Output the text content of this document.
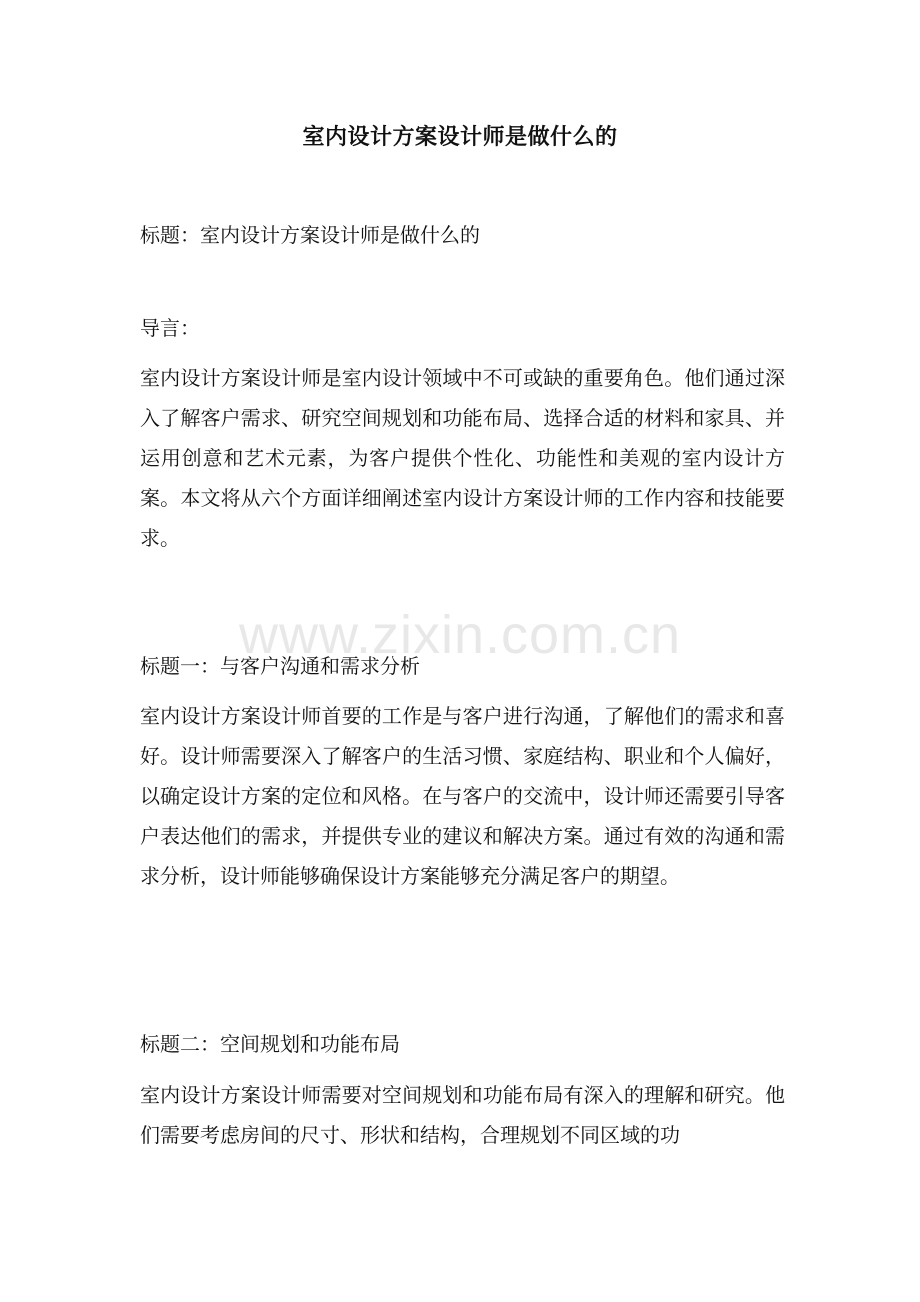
室内设计方案设计师是做什么的

标题：室内设计方案设计师是做什么的

导言：

室内设计方案设计师是室内设计领域中不可或缺的重要角色。他们通过深入了解客户需求、研究空间规划和功能布局、选择合适的材料和家具、并运用创意和艺术元素，为客户提供个性化、功能性和美观的室内设计方案。本文将从六个方面详细阐述室内设计方案设计师的工作内容和技能要求。

www.zixin.com.cn

标题一：与客户沟通和需求分析

室内设计方案设计师首要的工作是与客户进行沟通，了解他们的需求和喜好。设计师需要深入了解客户的生活习惯、家庭结构、职业和个人偏好，以确定设计方案的定位和风格。在与客户的交流中，设计师还需要引导客户表达他们的需求，并提供专业的建议和解决方案。通过有效的沟通和需求分析，设计师能够确保设计方案能够充分满足客户的期望。

标题二：空间规划和功能布局

室内设计方案设计师需要对空间规划和功能布局有深入的理解和研究。他们需要考虑房间的尺寸、形状和结构，合理规划不同区域的功
